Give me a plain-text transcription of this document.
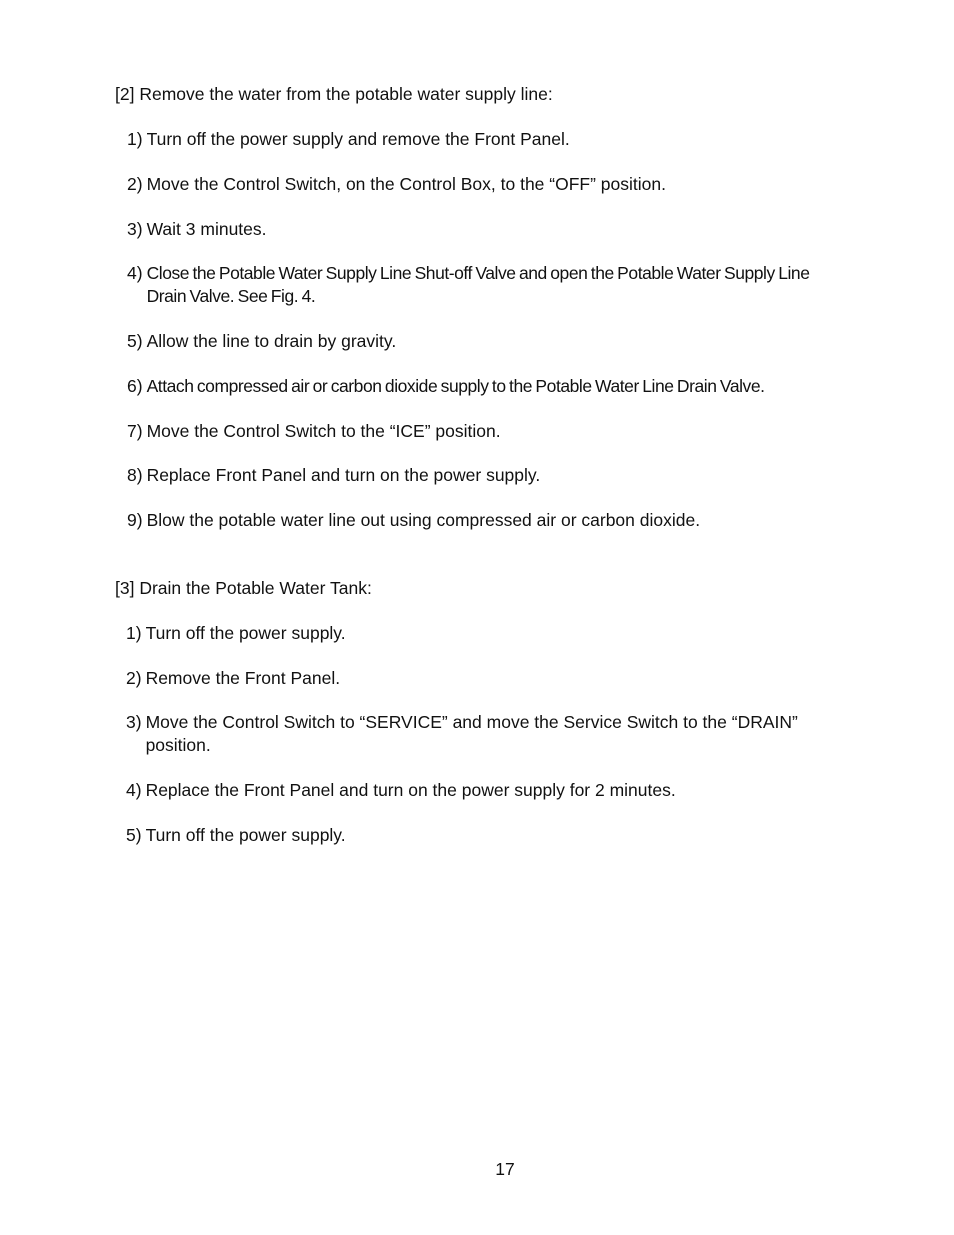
[2] Remove the water from the potable water supply line:
1) Turn off the power supply and remove the Front Panel.
2) Move the Control Switch, on the Control Box, to the “OFF” position.
3) Wait 3 minutes.
4) Close the Potable Water Supply Line Shut-off Valve and open the Potable Water Supply Line Drain Valve. See Fig. 4.
5) Allow the line to drain by gravity.
6) Attach compressed air or carbon dioxide supply to the Potable Water Line Drain Valve.
7) Move the Control Switch to the “ICE” position.
8) Replace Front Panel and turn on the power supply.
9) Blow the potable water line out using compressed air or carbon dioxide.
[3] Drain the Potable Water Tank:
1) Turn off the power supply.
2) Remove the Front Panel.
3) Move the Control Switch to “SERVICE” and move the Service Switch to the “DRAIN” position.
4) Replace the Front Panel and turn on the power supply for 2 minutes.
5) Turn off the power supply.
17
